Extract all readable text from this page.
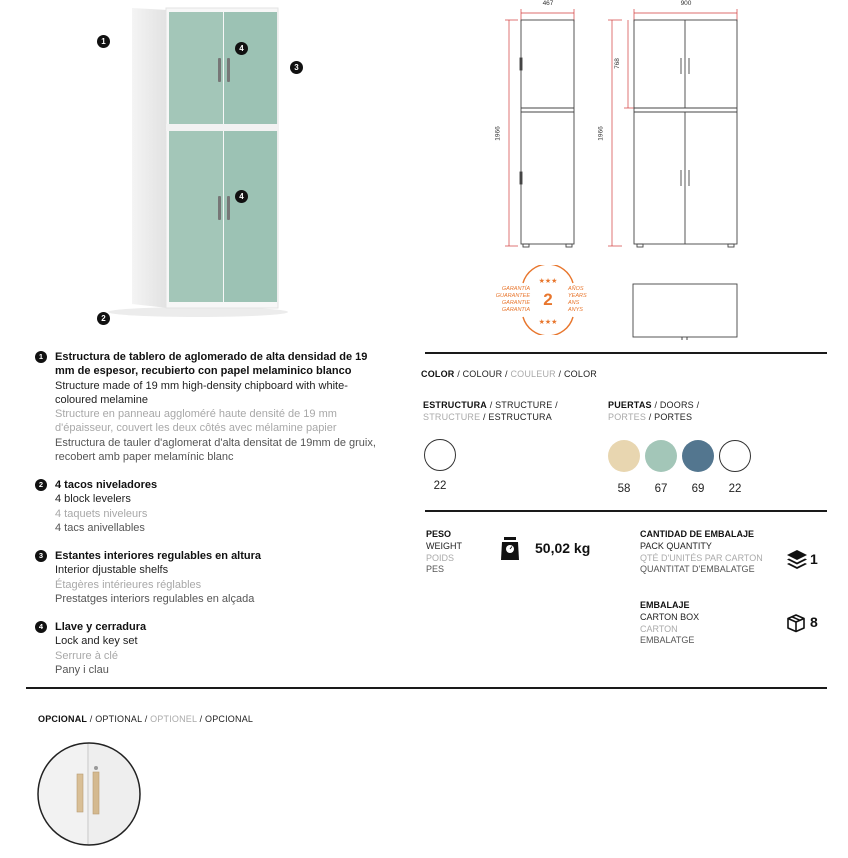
1
2
3
4
4
467	900
1966	1966
768
★★★
★★★
2
GARANTÍA
GUARANTEE
GARANTIE
GARANTIA
AÑOS
YEARS
ANS
ANYS
1	Estructura de tablero de aglomerado de alta densidad de 19 mm de espesor, recubierto con papel melaminico blanco
Structure made of 19 mm high-density chipboard with white-coloured melamine
Structure en panneau aggloméré haute densité de 19 mm d'épaisseur, couvert les deux côtés avec mélamine papier
Estructura de tauler d'aglomerat d'alta densitat de 19mm de gruix, recobert amb paper melamínic blanc
2	4 tacos niveladores
4 block levelers
4 taquets niveleurs
4 tacs anivellables
3	Estantes interiores regulables en altura
Interior djustable shelfs
Étagères intérieures réglables
Prestatges interiors regulables en alçada
4	Llave y cerradura
Lock and key set
Serrure à clé
Pany i clau
COLOR / COLOUR / COULEUR / COLOR
ESTRUCTURA / STRUCTURE /
STRUCTURE / ESTRUCTURA
PUERTAS / DOORS /
PORTES / PORTES
22	58	67	69	22
PESO
WEIGHT
POIDS
PES
50,02 kg
CANTIDAD DE EMBALAJE
PACK QUANTITY
QTÉ D'UNITÉS PAR CARTON
QUANTITAT D'EMBALATGE
1
EMBALAJE
CARTON BOX
CARTON
EMBALATGE
8
OPCIONAL / OPTIONAL / OPTIONEL / OPCIONAL
